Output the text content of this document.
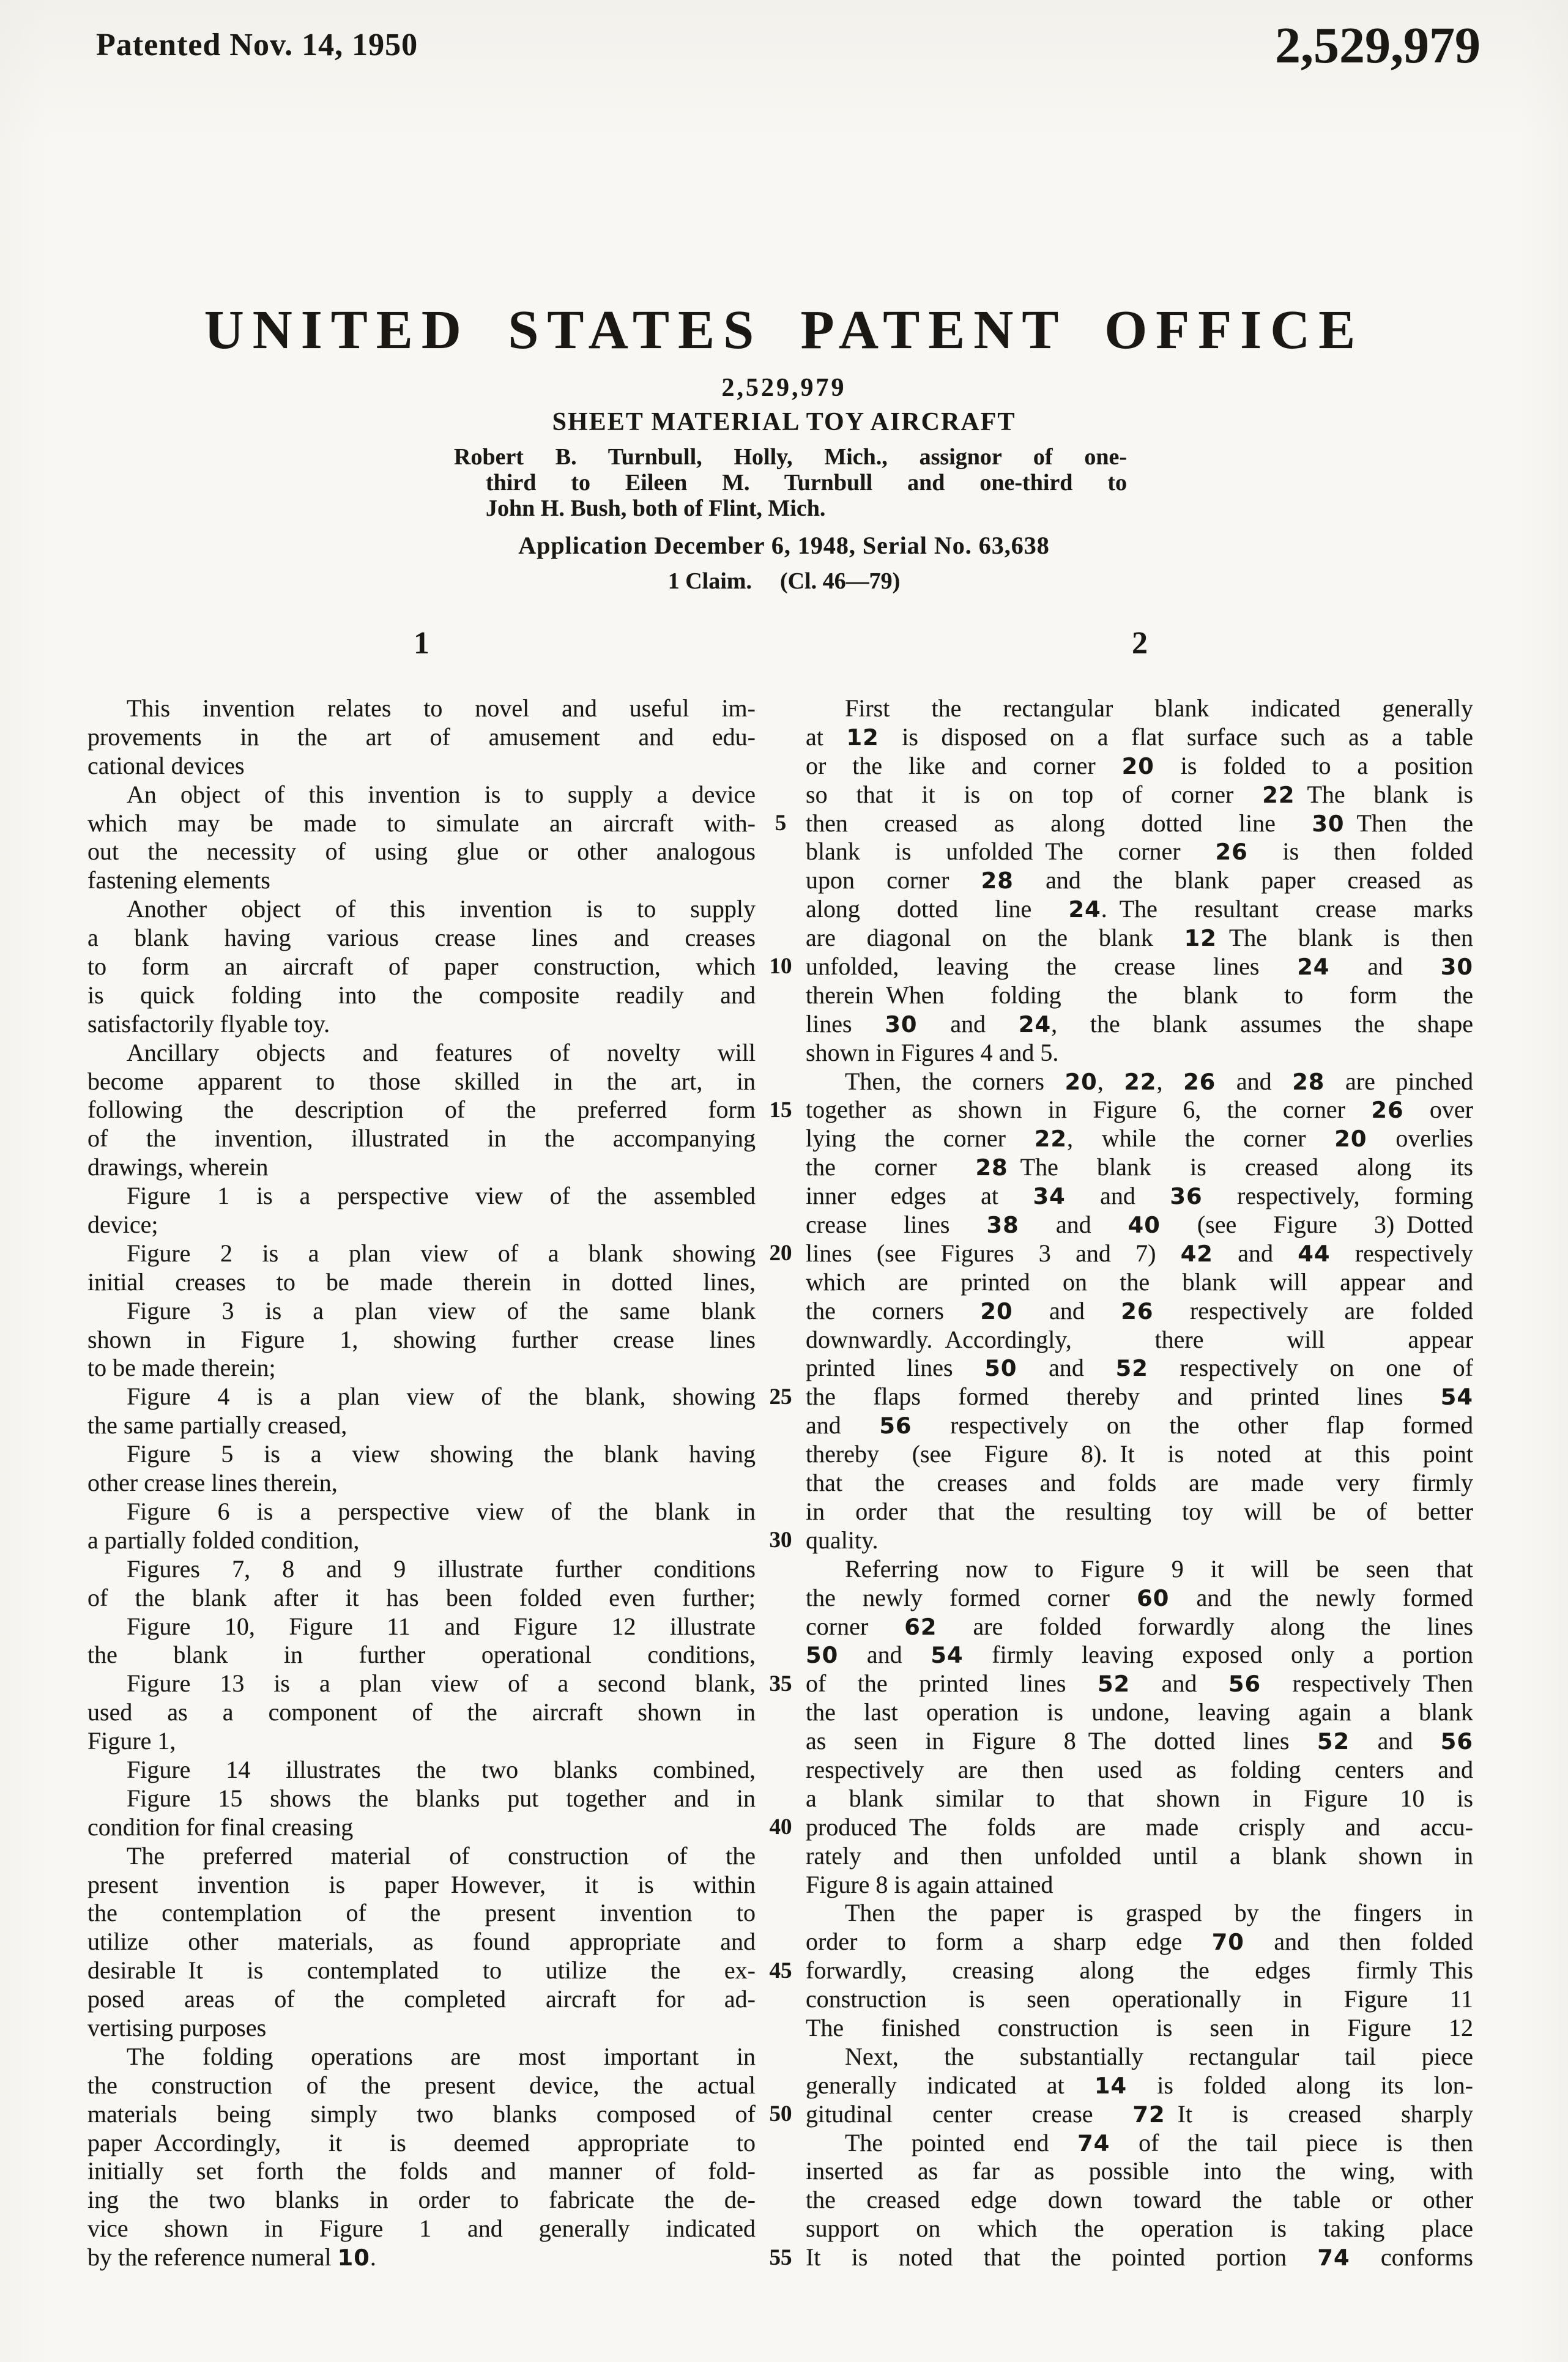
Patented Nov. 14, 1950	2,529,979
UNITED STATES PATENT OFFICE
2,529,979
SHEET MATERIAL TOY AIRCRAFT
Robert B. Turnbull, Holly, Mich., assignor of one-
third to Eileen M. Turnbull and one-third to
John H. Bush, both of Flint, Mich.
Application December 6, 1948, Serial No. 63,638
1 Claim. (Cl. 46—79)
1	2
This invention relates to novel and useful im-
provements in the art of amusement and edu-
cational devices
An object of this invention is to supply a device
which may be made to simulate an aircraft with-
out the necessity of using glue or other analogous
fastening elements
Another object of this invention is to supply
a blank having various crease lines and creases
to form an aircraft of paper construction, which
is quick folding into the composite readily and
satisfactorily flyable toy.
Ancillary objects and features of novelty will
become apparent to those skilled in the art, in
following the description of the preferred form
of the invention, illustrated in the accompanying
drawings, wherein
Figure 1 is a perspective view of the assembled
device;
Figure 2 is a plan view of a blank showing
initial creases to be made therein in dotted lines,
Figure 3 is a plan view of the same blank
shown in Figure 1, showing further crease lines
to be made therein;
Figure 4 is a plan view of the blank, showing
the same partially creased,
Figure 5 is a view showing the blank having
other crease lines therein,
Figure 6 is a perspective view of the blank in
a partially folded condition,
Figures 7, 8 and 9 illustrate further conditions
of the blank after it has been folded even further;
Figure 10, Figure 11 and Figure 12 illustrate
the blank in further operational conditions,
Figure 13 is a plan view of a second blank,
used as a component of the aircraft shown in
Figure 1,
Figure 14 illustrates the two blanks combined,
Figure 15 shows the blanks put together and in
condition for final creasing
The preferred material of construction of the
present invention is paper However, it is within
the contemplation of the present invention to
utilize other materials, as found appropriate and
desirable It is contemplated to utilize the ex-
posed areas of the completed aircraft for ad-
vertising purposes
The folding operations are most important in
the construction of the present device, the actual
materials being simply two blanks composed of
paper Accordingly, it is deemed appropriate to
initially set forth the folds and manner of fold-
ing the two blanks in order to fabricate the de-
vice shown in Figure 1 and generally indicated
by the reference numeral 10.
5
10
15
20
25
30
35
40
45
50
55
First the rectangular blank indicated generally
at 12 is disposed on a flat surface such as a table
or the like and corner 20 is folded to a position
so that it is on top of corner 22 The blank is
then creased as along dotted line 30 Then the
blank is unfolded The corner 26 is then folded
upon corner 28 and the blank paper creased as
along dotted line 24. The resultant crease marks
are diagonal on the blank 12 The blank is then
unfolded, leaving the crease lines 24 and 30
therein When folding the blank to form the
lines 30 and 24, the blank assumes the shape
shown in Figures 4 and 5.
Then, the corners 20, 22, 26 and 28 are pinched
together as shown in Figure 6, the corner 26 over
lying the corner 22, while the corner 20 overlies
the corner 28 The blank is creased along its
inner edges at 34 and 36 respectively, forming
crease lines 38 and 40 (see Figure 3) Dotted
lines (see Figures 3 and 7) 42 and 44 respectively
which are printed on the blank will appear and
the corners 20 and 26 respectively are folded
downwardly. Accordingly, there will appear
printed lines 50 and 52 respectively on one of
the flaps formed thereby and printed lines 54
and 56 respectively on the other flap formed
thereby (see Figure 8). It is noted at this point
that the creases and folds are made very firmly
in order that the resulting toy will be of better
quality.
Referring now to Figure 9 it will be seen that
the newly formed corner 60 and the newly formed
corner 62 are folded forwardly along the lines
50 and 54 firmly leaving exposed only a portion
of the printed lines 52 and 56 respectively Then
the last operation is undone, leaving again a blank
as seen in Figure 8 The dotted lines 52 and 56
respectively are then used as folding centers and
a blank similar to that shown in Figure 10 is
produced The folds are made crisply and accu-
rately and then unfolded until a blank shown in
Figure 8 is again attained
Then the paper is grasped by the fingers in
order to form a sharp edge 70 and then folded
forwardly, creasing along the edges firmly This
construction is seen operationally in Figure 11
The finished construction is seen in Figure 12
Next, the substantially rectangular tail piece
generally indicated at 14 is folded along its lon-
gitudinal center crease 72 It is creased sharply
The pointed end 74 of the tail piece is then
inserted as far as possible into the wing, with
the creased edge down toward the table or other
support on which the operation is taking place
It is noted that the pointed portion 74 conforms
